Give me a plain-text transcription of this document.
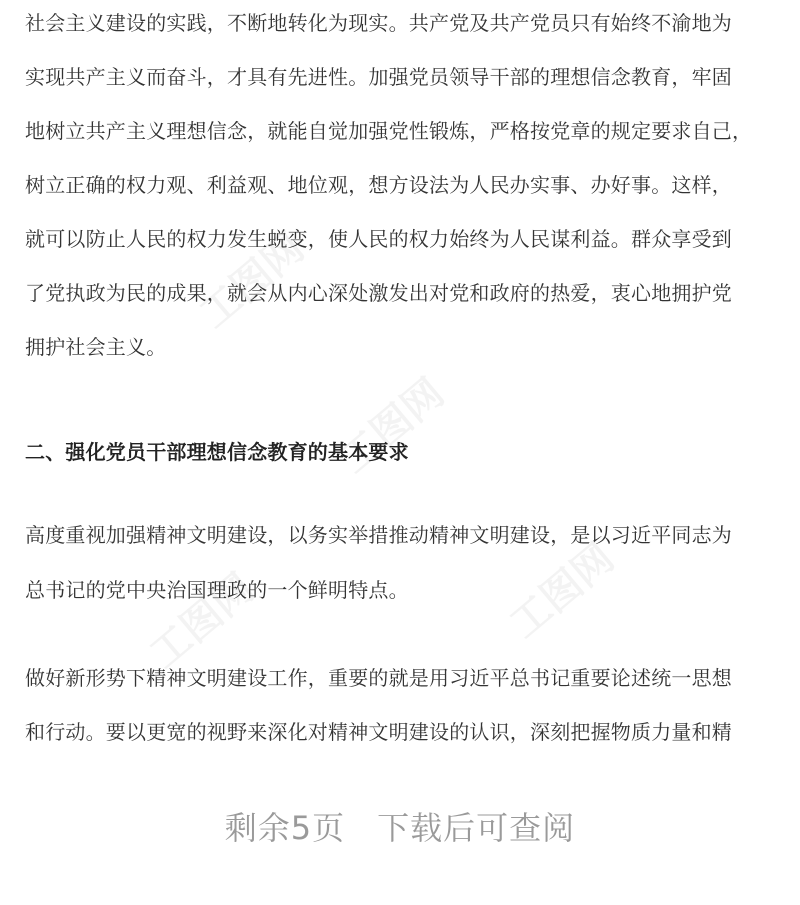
社会主义建设的实践，不断地转化为现实。共产党及共产党员只有始终不渝地为
实现共产主义而奋斗，才具有先进性。加强党员领导干部的理想信念教育，牢固
地树立共产主义理想信念，就能自觉加强党性锻炼，严格按党章的规定要求自己，
树立正确的权力观、利益观、地位观，想方设法为人民办实事、办好事。这样，
就可以防止人民的权力发生蜕变，使人民的权力始终为人民谋利益。群众享受到
了党执政为民的成果，就会从内心深处激发出对党和政府的热爱，衷心地拥护党
拥护社会主义。
二、强化党员干部理想信念教育的基本要求
高度重视加强精神文明建设，以务实举措推动精神文明建设，是以习近平同志为
总书记的党中央治国理政的一个鲜明特点。
做好新形势下精神文明建设工作，重要的就是用习近平总书记重要论述统一思想
和行动。要以更宽的视野来深化对精神文明建设的认识，深刻把握物质力量和精
剩余5页 下载后可查阅
